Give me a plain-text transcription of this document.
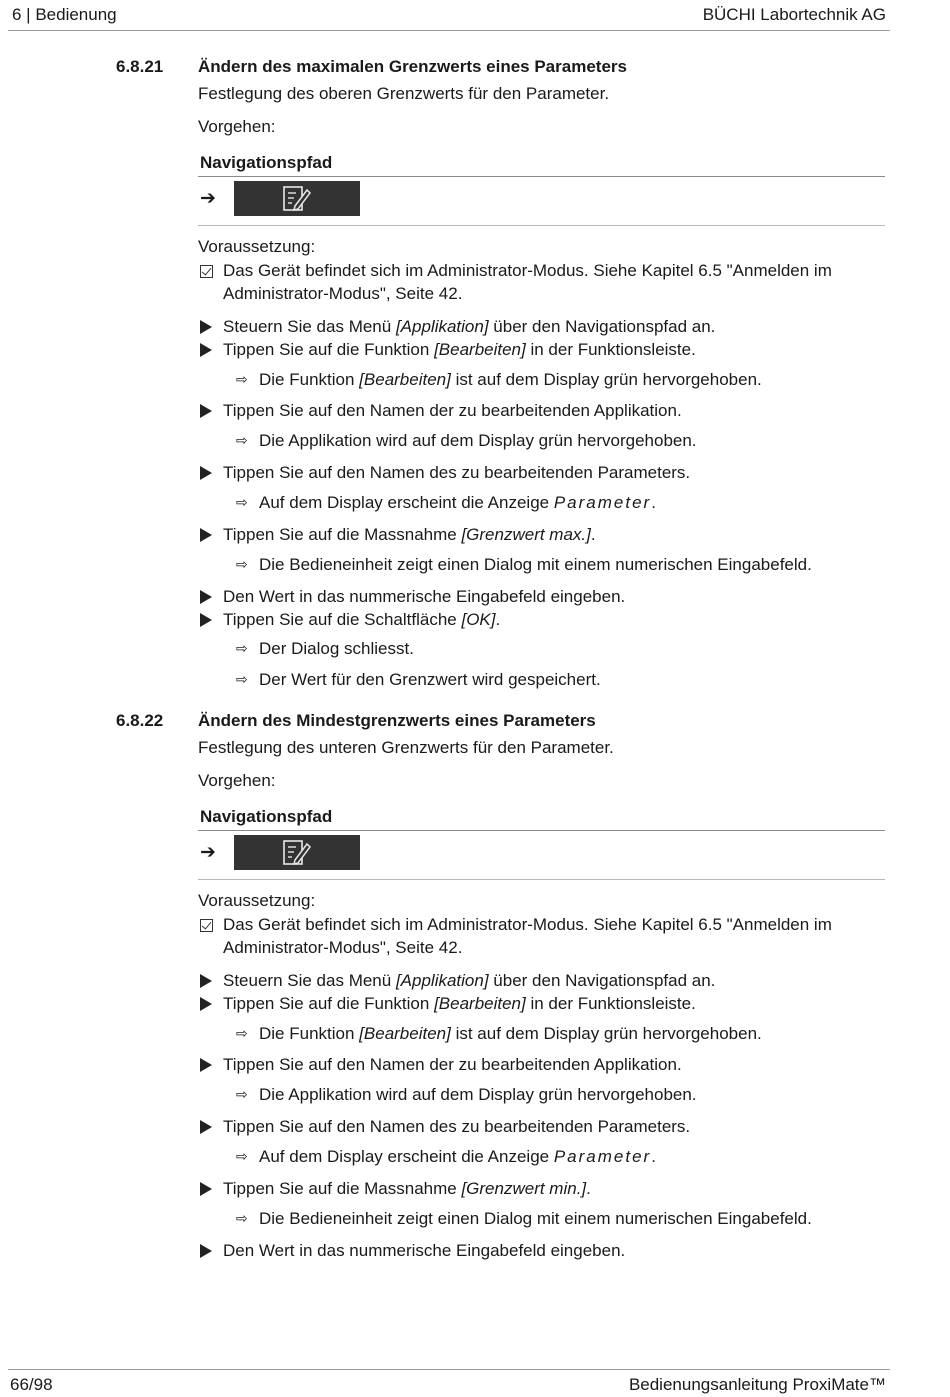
6 | Bedienung	BÜCHI Labortechnik AG
6.8.21 Ändern des maximalen Grenzwerts eines Parameters
Festlegung des oberen Grenzwerts für den Parameter.
Vorgehen:
Navigationspfad
➔
Voraussetzung:
Das Gerät befindet sich im Administrator-Modus. Siehe Kapitel 6.5 "Anmelden im
Administrator-Modus", Seite 42.
Steuern Sie das Menü [Applikation] über den Navigationspfad an.
Tippen Sie auf die Funktion [Bearbeiten] in der Funktionsleiste.
⇨ Die Funktion [Bearbeiten] ist auf dem Display grün hervorgehoben.
Tippen Sie auf den Namen der zu bearbeitenden Applikation.
⇨ Die Applikation wird auf dem Display grün hervorgehoben.
Tippen Sie auf den Namen des zu bearbeitenden Parameters.
⇨ Auf dem Display erscheint die Anzeige Parameter.
Tippen Sie auf die Massnahme [Grenzwert max.].
⇨ Die Bedieneinheit zeigt einen Dialog mit einem numerischen Eingabefeld.
Den Wert in das nummerische Eingabefeld eingeben.
Tippen Sie auf die Schaltfläche [OK].
⇨ Der Dialog schliesst.
⇨ Der Wert für den Grenzwert wird gespeichert.
6.8.22 Ändern des Mindestgrenzwerts eines Parameters
Festlegung des unteren Grenzwerts für den Parameter.
Vorgehen:
Navigationspfad
➔
Voraussetzung:
Das Gerät befindet sich im Administrator-Modus. Siehe Kapitel 6.5 "Anmelden im
Administrator-Modus", Seite 42.
Steuern Sie das Menü [Applikation] über den Navigationspfad an.
Tippen Sie auf die Funktion [Bearbeiten] in der Funktionsleiste.
⇨ Die Funktion [Bearbeiten] ist auf dem Display grün hervorgehoben.
Tippen Sie auf den Namen der zu bearbeitenden Applikation.
⇨ Die Applikation wird auf dem Display grün hervorgehoben.
Tippen Sie auf den Namen des zu bearbeitenden Parameters.
⇨ Auf dem Display erscheint die Anzeige Parameter.
Tippen Sie auf die Massnahme [Grenzwert min.].
⇨ Die Bedieneinheit zeigt einen Dialog mit einem numerischen Eingabefeld.
Den Wert in das nummerische Eingabefeld eingeben.
66/98	Bedienungsanleitung ProxiMate™
